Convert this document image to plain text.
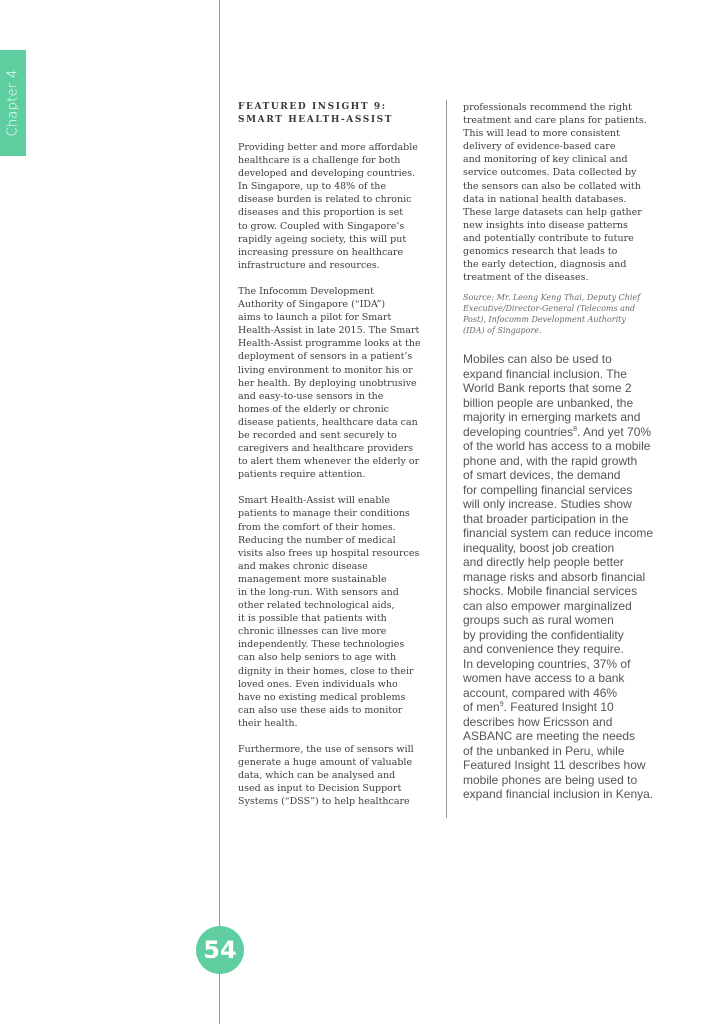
Chapter 4	FEATURED INSIGHT 9:
SMART HEALTH-ASSIST

Providing better and more affordable
healthcare is a challenge for both
developed and developing countries.
In Singapore, up to 48% of the
disease burden is related to chronic
diseases and this proportion is set
to grow. Coupled with Singapore’s
rapidly ageing society, this will put
increasing pressure on healthcare
infrastructure and resources.

The Infocomm Development
Authority of Singapore (“IDA”)
aims to launch a pilot for Smart
Health-Assist in late 2015. The Smart
Health-Assist programme looks at the
deployment of sensors in a patient’s
living environment to monitor his or
her health. By deploying unobtrusive
and easy-to-use sensors in the
homes of the elderly or chronic
disease patients, healthcare data can
be recorded and sent securely to
caregivers and healthcare providers
to alert them whenever the elderly or
patients require attention.

Smart Health-Assist will enable
patients to manage their conditions
from the comfort of their homes.
Reducing the number of medical
visits also frees up hospital resources
and makes chronic disease
management more sustainable
in the long-run. With sensors and
other related technological aids,
it is possible that patients with
chronic illnesses can live more
independently. These technologies
can also help seniors to age with
dignity in their homes, close to their
loved ones. Even individuals who
have no existing medical problems
can also use these aids to monitor
their health.

Furthermore, the use of sensors will
generate a huge amount of valuable
data, which can be analysed and
used as input to Decision Support
Systems (“DSS”) to help healthcare

professionals recommend the right
treatment and care plans for patients.
This will lead to more consistent
delivery of evidence-based care
and monitoring of key clinical and
service outcomes. Data collected by
the sensors can also be collated with
data in national health databases.
These large datasets can help gather
new insights into disease patterns
and potentially contribute to future
genomics research that leads to
the early detection, diagnosis and
treatment of the diseases.

Source: Mr. Leong Keng Thai, Deputy Chief
Executive/Director-General (Telecoms and
Post), Infocomm Development Authority
(IDA) of Singapore.

Mobiles can also be used to
expand financial inclusion. The
World Bank reports that some 2
billion people are unbanked, the
majority in emerging markets and
developing countries$^8$. And yet 70%
of the world has access to a mobile
phone and, with the rapid growth
of smart devices, the demand
for compelling financial services
will only increase. Studies show
that broader participation in the
financial system can reduce income
inequality, boost job creation
and directly help people better
manage risks and absorb financial
shocks. Mobile financial services
can also empower marginalized
groups such as rural women
by providing the confidentiality
and convenience they require.
In developing countries, 37% of
women have access to a bank
account, compared with 46%
of men$^9$. Featured Insight 10
describes how Ericsson and
ASBANC are meeting the needs
of the unbanked in Peru, while
Featured Insight 11 describes how
mobile phones are being used to
expand financial inclusion in Kenya.

54
